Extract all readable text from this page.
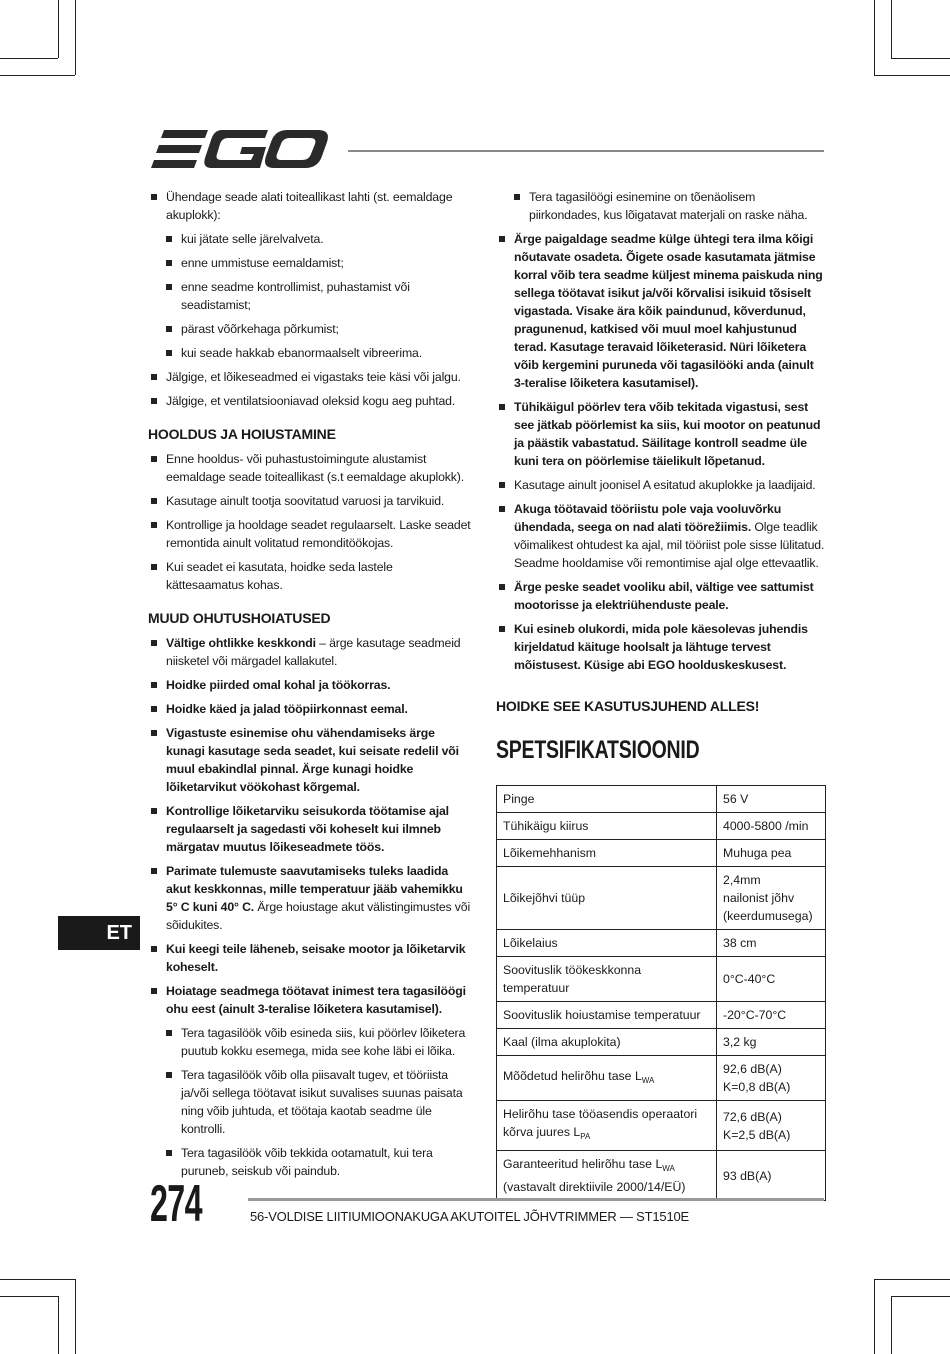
Ühendage seade alati toiteallikast lahti (st. eemaldage akuplokk):
kui jätate selle järelvalveta.
enne ummistuse eemaldamist;
enne seadme kontrollimist, puhastamist või seadistamist;
pärast võõrkehaga põrkumist;
kui seade hakkab ebanormaalselt vibreerima.
Jälgige, et lõikeseadmed ei vigastaks teie käsi või jalgu.
Jälgige, et ventilatsiooniavad oleksid kogu aeg puhtad.
HOOLDUS JA HOIUSTAMINE
Enne hooldus- või puhastustoimingute alustamist eemaldage seade toiteallikast (s.t eemaldage akuplokk).
Kasutage ainult tootja soovitatud varuosi ja tarvikuid.
Kontrollige ja hooldage seadet regulaarselt. Laske seadet remontida ainult volitatud remonditöökojas.
Kui seadet ei kasutata, hoidke seda lastele kättesaamatus kohas.
MUUD OHUTUSHOIATUSED
Vältige ohtlikke keskkondi – ärge kasutage seadmeid niisketel või märgadel kallakutel.
Hoidke piirded omal kohal ja töökorras.
Hoidke käed ja jalad tööpiirkonnast eemal.
Vigastuste esinemise ohu vähendamiseks ärge kunagi kasutage seda seadet, kui seisate redelil või muul ebakindlal pinnal. Ärge kunagi hoidke lõiketarvikut vöökohast kõrgemal.
Kontrollige lõiketarviku seisukorda töötamise ajal regulaarselt ja sagedasti või koheselt kui ilmneb märgatav muutus lõikeseadmete töös.
Parimate tulemuste saavutamiseks tuleks laadida akut keskkonnas, mille temperatuur jääb vahemikku 5° C kuni 40° C. Ärge hoiustage akut välistingimustes või sõidukites.
Kui keegi teile läheneb, seisake mootor ja lõiketarvik koheselt.
Hoiatage seadmega töötavat inimest tera tagasilöögi ohu eest (ainult 3-teralise lõiketera kasutamisel).
Tera tagasilöök võib esineda siis, kui pöörlev lõiketera puutub kokku esemega, mida see kohe läbi ei lõika.
Tera tagasilöök võib olla piisavalt tugev, et tööriista ja/või sellega töötavat isikut suvalises suunas paisata ning võib juhtuda, et töötaja kaotab seadme üle kontrolli.
Tera tagasilöök võib tekkida ootamatult, kui tera puruneb, seiskub või paindub.
Tera tagasilöögi esinemine on tõenäolisem piirkondades, kus lõigatavat materjali on raske näha.
Ärge paigaldage seadme külge ühtegi tera ilma kõigi nõutavate osadeta. Õigete osade kasutamata jätmise korral võib tera seadme küljest minema paiskuda ning sellega töötavat isikut ja/või kõrvalisi isikuid tõsiselt vigastada. Visake ära kõik paindunud, kõverdunud, pragunenud, katkised või muul moel kahjustunud terad. Kasutage teravaid lõiketerasid. Nüri lõiketera võib kergemini puruneda või tagasilööki anda (ainult 3-teralise lõiketera kasutamisel).
Tühikäigul pöörlev tera võib tekitada vigastusi, sest see jätkab pöörlemist ka siis, kui mootor on peatunud ja päästik vabastatud. Säilitage kontroll seadme üle kuni tera on pöörlemise täielikult lõpetanud.
Kasutage ainult joonisel A esitatud akuplokke ja laadijaid.
Akuga töötavaid tööriistu pole vaja vooluvõrku ühendada, seega on nad alati töörežiimis. Olge teadlik võimalikest ohtudest ka ajal, mil tööriist pole sisse lülitatud. Seadme hooldamise või remontimise ajal olge ettevaatlik.
Ärge peske seadet vooliku abil, vältige vee sattumist mootorisse ja elektriühenduste peale.
Kui esineb olukordi, mida pole käesolevas juhendis kirjeldatud käituge hoolsalt ja lähtuge tervest mõistusest. Küsige abi EGO hoolduskeskusest.
HOIDKE SEE KASUTUSJUHEND ALLES!
SPETSIFIKATSIOONID
Pinge	56 V
Tühikäigu kiirus	4000-5800 /min
Lõikemehhanism	Muhuga pea
Lõikejõhvi tüüp	2,4mm
nailonist jõhv
(keerdumusega)
Lõikelaius	38 cm
Soovituslik töökeskkonna temperatuur	0°C-40°C
Soovituslik hoiustamise temperatuur	-20°C-70°C
Kaal (ilma akuplokita)	3,2 kg
Mõõdetud helirõhu tase $L_{WA}$	92,6 dB(A)
K=0,8 dB(A)
Helirõhu tase tööasendis operaatori kõrva juures $L_{PA}$	72,6 dB(A)
K=2,5 dB(A)
Garanteeritud helirõhu tase $L_{WA}$
(vastavalt direktiivile 2000/14/EÜ)	93 dB(A)
ET
274	56-VOLDISE LIITIUMIOONAKUGA AKUTOITEL JÕHVTRIMMER — ST1510E
